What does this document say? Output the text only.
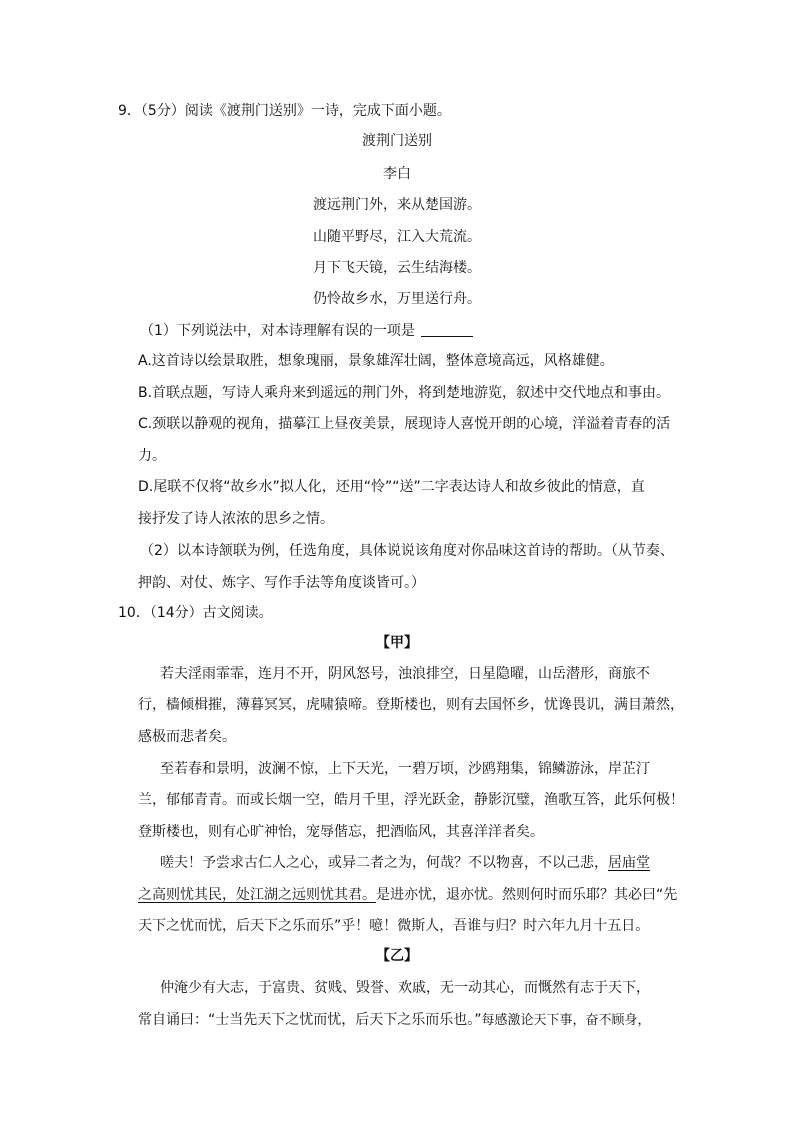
9．（5分）阅读《渡荆门送别》一诗，完成下面小题。
渡荆门送别
李白
渡远荆门外，来从楚国游。
山随平野尽，江入大荒流。
月下飞天镜，云生结海楼。
仍怜故乡水，万里送行舟。
（1）下列说法中，对本诗理解有误的一项是
A.这首诗以绘景取胜，想象瑰丽，景象雄浑壮阔，整体意境高远，风格雄健。
B.首联点题，写诗人乘舟来到遥远的荆门外，将到楚地游览，叙述中交代地点和事由。
C.颈联以静观的视角，描摹江上昼夜美景，展现诗人喜悦开朗的心境，洋溢着青春的活
力。
D.尾联不仅将“故乡水”拟人化，还用“怜”“送”二字表达诗人和故乡彼此的情意，直
接抒发了诗人浓浓的思乡之情。
（2）以本诗颔联为例，任选角度，具体说说该角度对你品味这首诗的帮助。（从节奏、
押韵、对仗、炼字、写作手法等角度谈皆可。）
10．（14分）古文阅读。
【甲】
若夫淫雨霏霏，连月不开，阴风怒号，浊浪排空，日星隐曜，山岳潜形，商旅不
行，樯倾楫摧，薄暮冥冥，虎啸猿啼。登斯楼也，则有去国怀乡，忧谗畏讥，满目萧然，
感极而悲者矣。
至若春和景明，波澜不惊，上下天光，一碧万顷，沙鸥翔集，锦鳞游泳，岸芷汀
兰，郁郁青青。而或长烟一空，皓月千里，浮光跃金，静影沉璧，渔歌互答，此乐何极！
登斯楼也，则有心旷神怡，宠辱偕忘，把酒临风，其喜洋洋者矣。
嗟夫！予尝求古仁人之心，或异二者之为，何哉？不以物喜，不以己悲，居庙堂
之高则忧其民，处江湖之远则忧其君。是进亦忧，退亦忧。然则何时而乐耶？其必曰“先
天下之忧而忧，后天下之乐而乐”乎！噫！微斯人，吾谁与归？时六年九月十五日。
【乙】
仲淹少有大志，于富贵、贫贱、毁誉、欢戚，无一动其心，而慨然有志于天下，
常自诵曰：“士当先天下之忧而忧，后天下之乐而乐也。”每感激论天下事，奋不顾身，
